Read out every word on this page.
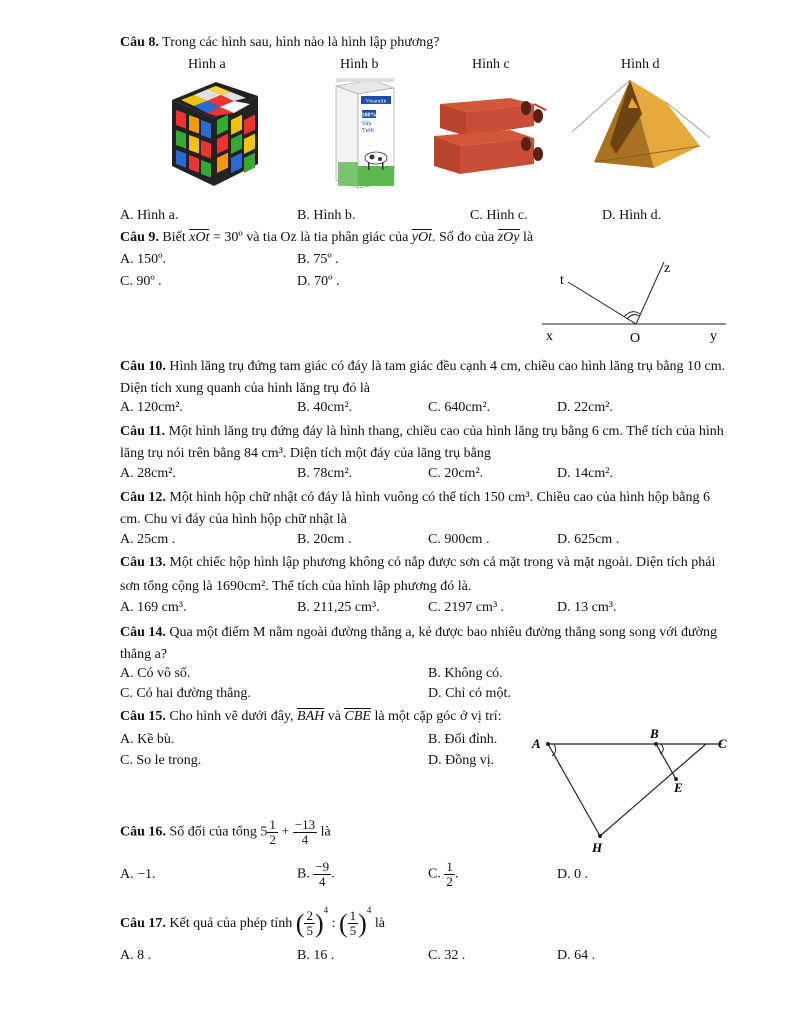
Câu 8. Trong các hình sau, hình nào là hình lập phương?
Hình a	Hình b	Hình c	Hình d
Vinamilk
100%
Sữa
Tươi
A. Hình a.	B. Hình b.	C. Hình c.	D. Hình d.
Câu 9. Biết xOt = 30º và tia Oz là tia phân giác của yOt. Số đo của zOy là
A. 150º.	B. 75º .
C. 90º .	D. 70º .	t
z
x	O	y
Câu 10. Hình lăng trụ đứng tam giác có đáy là tam giác đều cạnh 4 cm, chiều cao hình lăng trụ bằng 10 cm. Diện tích xung quanh của hình lăng trụ đó là
A. 120cm².	B. 40cm².	C. 640cm².	D. 22cm².
Câu 11. Một hình lăng trụ đứng đáy là hình thang, chiều cao của hình lăng trụ bằng 6 cm. Thể tích của hình lăng trụ nói trên bằng 84 cm³. Diện tích một đáy của lăng trụ bằng
A. 28cm².	B. 78cm².	C. 20cm².	D. 14cm².
Câu 12. Một hình hộp chữ nhật có đáy là hình vuông có thể tích 150 cm³. Chiều cao của hình hộp bằng 6 cm. Chu vi đáy của hình hộp chữ nhật là
A. 25cm .	B. 20cm .	C. 900cm .	D. 625cm .
Câu 13. Một chiếc hộp hình lập phương không có nắp được sơn cả mặt trong và mặt ngoài. Diện tích phải sơn tổng cộng là 1690cm². Thể tích của hình lập phương đó là.
A. 169 cm³.	B. 211,25 cm³.	C. 2197 cm³ .	D. 13 cm³.
Câu 14. Qua một điểm M nằm ngoài đường thẳng a, kẻ được bao nhiêu đường thẳng song song với đường thẳng a?
A. Có vô số.	B. Không có.
C. Có hai đường thẳng.	D. Chỉ có một.
Câu 15. Cho hình vẽ dưới đây, BAH và CBE là một cặp góc ở vị trí:
A. Kề bù.	B. Đối đỉnh.
C. So le trong.	D. Đồng vị.
A
B
C
E
H
Câu 16. Số đối của tổng $5 \frac{1}{2} + \frac{-13}{4}$ là
A. −1.	B. $\frac{-9}{4}$ .	C. $\frac{1}{2}$ .	D. 0 .
Câu 17. Kết quả của phép tính ( $\frac{2}{5} )^4$ : ( $\frac{1}{5} )^4$ là
A. 8 .	B. 16 .	C. 32 .	D. 64 .
